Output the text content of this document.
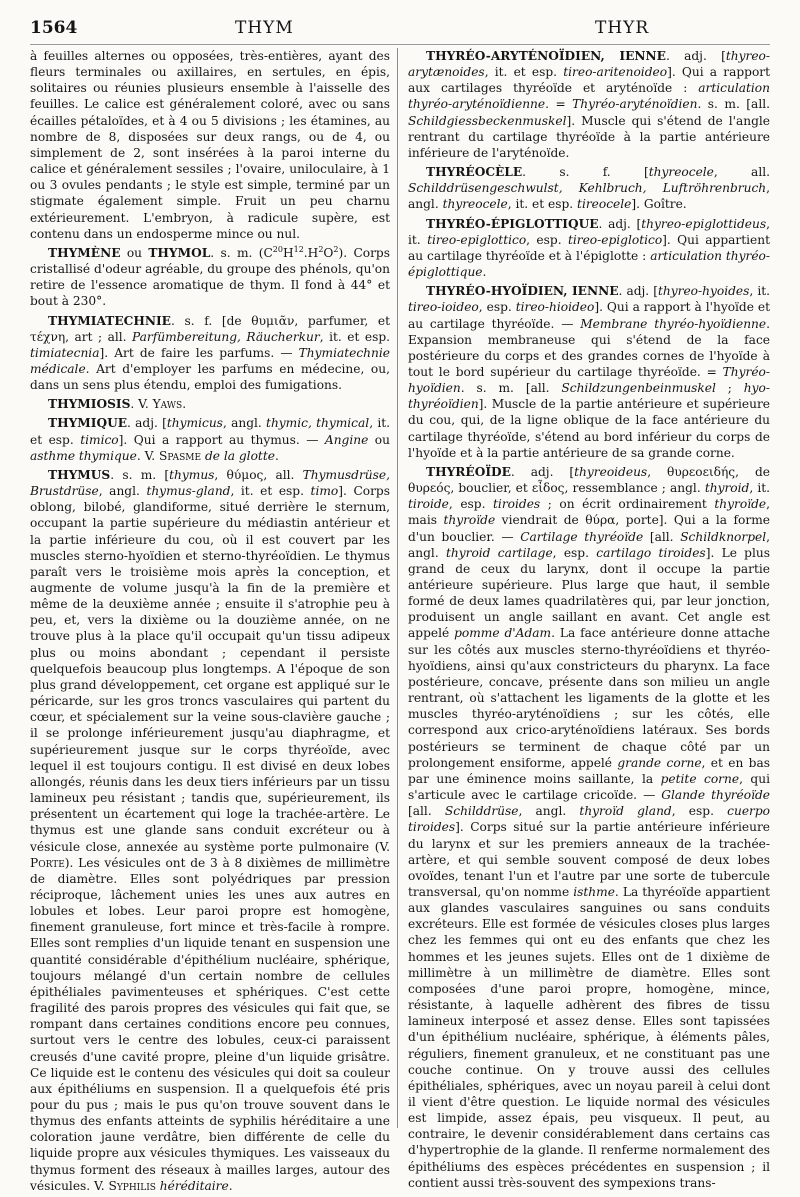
1564	THYM	THYR

à feuilles alternes ou opposées, très-entières, ayant des fleurs terminales ou axillaires, en sertules, en épis, solitaires ou réunies plusieurs ensemble à l'aisselle des feuilles. Le calice est généralement coloré, avec ou sans écailles pétaloïdes, et à 4 ou 5 divisions ; les étamines, au nombre de 8, disposées sur deux rangs, ou de 4, ou simplement de 2, sont insérées à la paroi interne du calice et généralement sessiles ; l'ovaire, uniloculaire, à 1 ou 3 ovules pendants ; le style est simple, terminé par un stigmate également simple. Fruit un peu charnu extérieurement. L'embryon, à radicule supère, est contenu dans un endosperme mince ou nul.

THYMÈNE ou THYMOL. s. m. $(C^{20}H^{12}.H^2O^2)$. Corps cristallisé d'odeur agréable, du groupe des phénols, qu'on retire de l'essence aromatique de thym. Il fond à 44° et bout à 230°.

THYMIATECHNIE. s. f. [de θυμιᾶν, parfumer, et τέχνη, art ; all. Parfümbereitung, Räucherkur, it. et esp. timiatecnia]. Art de faire les parfums. — Thymiatechnie médicale. Art d'employer les parfums en médecine, ou, dans un sens plus étendu, emploi des fumigations.

THYMIOSIS. V. Yaws.

THYMIQUE. adj. [thymicus, angl. thymic, thymical, it. et esp. timico]. Qui a rapport au thymus. — Angine ou asthme thymique. V. Spasme de la glotte.

THYMUS. s. m. [thymus, θύμος, all. Thymusdrüse, Brustdrüse, angl. thymus-gland, it. et esp. timo]. Corps oblong, bilobé, glandiforme, situé derrière le sternum, occupant la partie supérieure du médiastin antérieur et la partie inférieure du cou, où il est couvert par les muscles sterno-hyoïdien et sterno-thyréoïdien. Le thymus paraît vers le troisième mois après la conception, et augmente de volume jusqu'à la fin de la première et même de la deuxième année ; ensuite il s'atrophie peu à peu, et, vers la dixième ou la douzième année, on ne trouve plus à la place qu'il occupait qu'un tissu adipeux plus ou moins abondant ; cependant il persiste quelquefois beaucoup plus longtemps. A l'époque de son plus grand développement, cet organe est appliqué sur le péricarde, sur les gros troncs vasculaires qui partent du cœur, et spécialement sur la veine sous-clavière gauche ; il se prolonge inférieurement jusqu'au diaphragme, et supérieurement jusque sur le corps thyréoïde, avec lequel il est toujours contigu. Il est divisé en deux lobes allongés, réunis dans les deux tiers inférieurs par un tissu lamineux peu résistant ; tandis que, supérieurement, ils présentent un écartement qui loge la trachée-artère. Le thymus est une glande sans conduit excréteur ou à vésicule close, annexée au système porte pulmonaire (V. Porte). Les vésicules ont de 3 à 8 dixièmes de millimètre de diamètre. Elles sont polyédriques par pression réciproque, lâchement unies les unes aux autres en lobules et lobes. Leur paroi propre est homogène, finement granuleuse, fort mince et très-facile à rompre. Elles sont remplies d'un liquide tenant en suspension une quantité considérable d'épithélium nucléaire, sphérique, toujours mélangé d'un certain nombre de cellules épithéliales pavimenteuses et sphériques. C'est cette fragilité des parois propres des vésicules qui fait que, se rompant dans certaines conditions encore peu connues, surtout vers le centre des lobules, ceux-ci paraissent creusés d'une cavité propre, pleine d'un liquide grisâtre. Ce liquide est le contenu des vésicules qui doit sa couleur aux épithéliums en suspension. Il a quelquefois été pris pour du pus ; mais le pus qu'on trouve souvent dans le thymus des enfants atteints de syphilis héréditaire a une coloration jaune verdâtre, bien différente de celle du liquide propre aux vésicules thymiques. Les vaisseaux du thymus forment des réseaux à mailles larges, autour des vésicules. V. Syphilis héréditaire.

THYRÉO-ARYTÉNOÏDIEN, IENNE. adj. [thyreo-arytænoides, it. et esp. tireo-aritenoideo]. Qui a rapport aux cartilages thyréoïde et aryténoïde : articulation thyréo-aryténoïdienne. = Thyréo-aryténoïdien. s. m. [all. Schildgiessbeckenmuskel]. Muscle qui s'étend de l'angle rentrant du cartilage thyréoïde à la partie antérieure inférieure de l'aryténoïde.

THYRÉOCÈLE. s. f. [thyreocele, all. Schilddrüsengeschwulst, Kehlbruch, Luftröhrenbruch, angl. thyreocele, it. et esp. tireocele]. Goître.

THYRÉO-ÉPIGLOTTIQUE. adj. [thyreo-epiglottideus, it. tireo-epiglottico, esp. tireo-epiglotico]. Qui appartient au cartilage thyréoïde et à l'épiglotte : articulation thyréo-épiglottique.

THYRÉO-HYOÏDIEN, IENNE. adj. [thyreo-hyoides, it. tireo-ioideo, esp. tireo-hioideo]. Qui a rapport à l'hyoïde et au cartilage thyréoïde. — Membrane thyréo-hyoïdienne. Expansion membraneuse qui s'étend de la face postérieure du corps et des grandes cornes de l'hyoïde à tout le bord supérieur du cartilage thyréoïde. = Thyréo-hyoïdien. s. m. [all. Schildzungenbeinmuskel ; hyo-thyréoïdien]. Muscle de la partie antérieure et supérieure du cou, qui, de la ligne oblique de la face antérieure du cartilage thyréoïde, s'étend au bord inférieur du corps de l'hyoïde et à la partie antérieure de sa grande corne.

THYRÉOÏDE. adj. [thyreoideus, θυρεοειδής, de θυρεός, bouclier, et εἶδος, ressemblance ; angl. thyroid, it. tiroide, esp. tiroides ; on écrit ordinairement thyroïde, mais thyroïde viendrait de θύρα, porte]. Qui a la forme d'un bouclier. — Cartilage thyréoïde [all. Schildknorpel, angl. thyroid cartilage, esp. cartilago tiroides]. Le plus grand de ceux du larynx, dont il occupe la partie antérieure supérieure. Plus large que haut, il semble formé de deux lames quadrilatères qui, par leur jonction, produisent un angle saillant en avant. Cet angle est appelé pomme d'Adam. La face antérieure donne attache sur les côtés aux muscles sterno-thyréoïdiens et thyréo-hyoïdiens, ainsi qu'aux constricteurs du pharynx. La face postérieure, concave, présente dans son milieu un angle rentrant, où s'attachent les ligaments de la glotte et les muscles thyréo-aryténoïdiens ; sur les côtés, elle correspond aux crico-aryténoïdiens latéraux. Ses bords postérieurs se terminent de chaque côté par un prolongement ensiforme, appelé grande corne, et en bas par une éminence moins saillante, la petite corne, qui s'articule avec le cartilage cricoïde. — Glande thyréoïde [all. Schilddrüse, angl. thyroïd gland, esp. cuerpo tiroides]. Corps situé sur la partie antérieure inférieure du larynx et sur les premiers anneaux de la trachée-artère, et qui semble souvent composé de deux lobes ovoïdes, tenant l'un et l'autre par une sorte de tubercule transversal, qu'on nomme isthme. La thyréoïde appartient aux glandes vasculaires sanguines ou sans conduits excréteurs. Elle est formée de vésicules closes plus larges chez les femmes qui ont eu des enfants que chez les hommes et les jeunes sujets. Elles ont de 1 dixième de millimètre à un millimètre de diamètre. Elles sont composées d'une paroi propre, homogène, mince, résistante, à laquelle adhèrent des fibres de tissu lamineux interposé et assez dense. Elles sont tapissées d'un épithélium nucléaire, sphérique, à éléments pâles, réguliers, finement granuleux, et ne constituant pas une couche continue. On y trouve aussi des cellules épithéliales, sphériques, avec un noyau pareil à celui dont il vient d'être question. Le liquide normal des vésicules est limpide, assez épais, peu visqueux. Il peut, au contraire, le devenir considérablement dans certains cas d'hypertrophie de la glande. Il renferme normalement des épithéliums des espèces précédentes en suspension ; il contient aussi très-souvent des sympexions trans-
